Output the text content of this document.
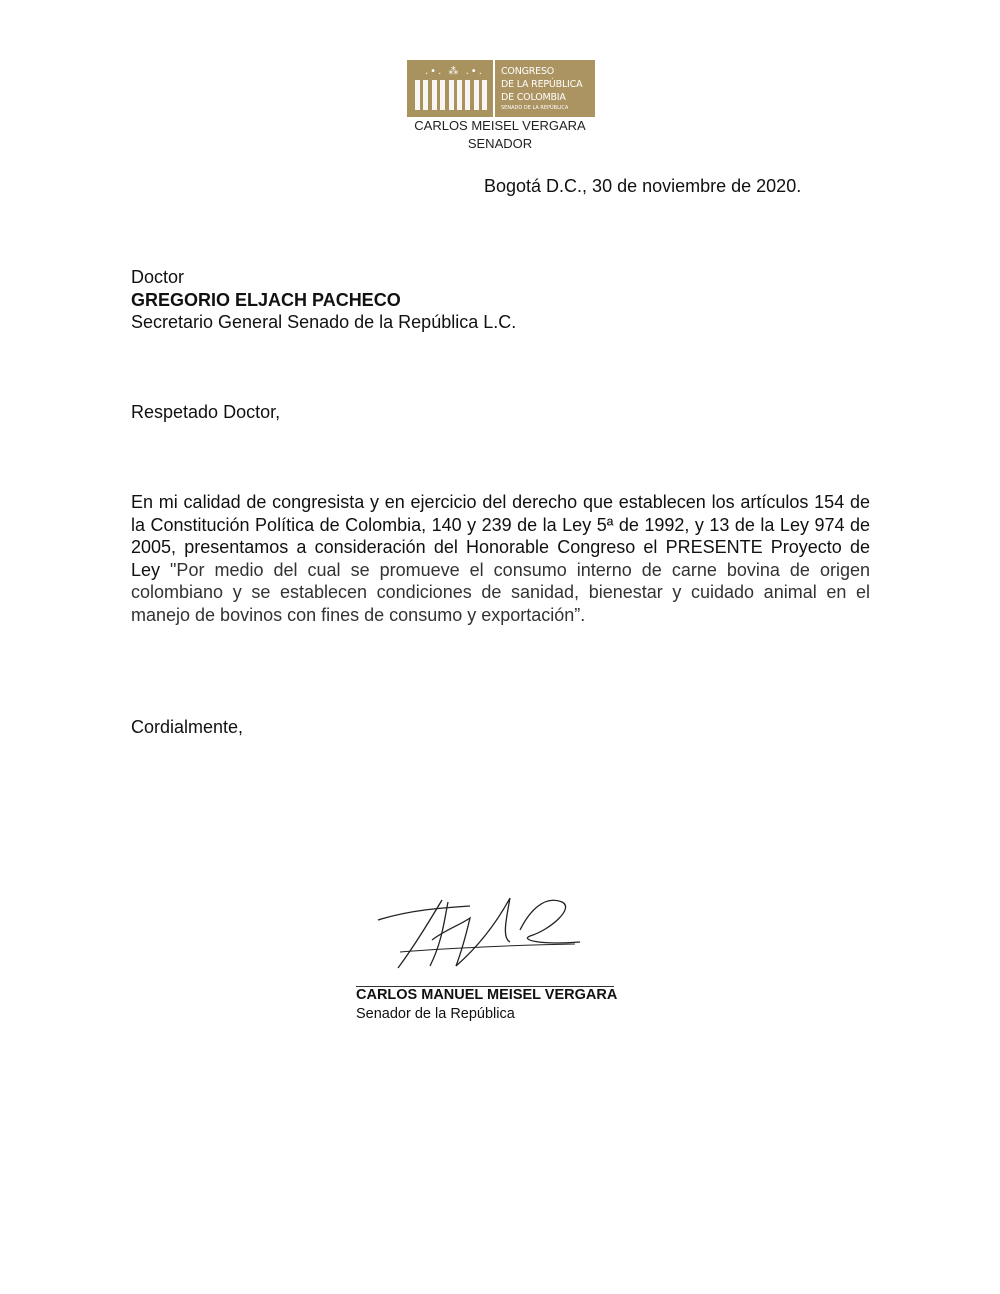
.•. ⁂ .•. CONGRESO
DE LA REPÚBLICA
DE COLOMBIA
SENADO DE LA REPÚBLICA
CARLOS MEISEL VERGARA
SENADOR
Bogotá D.C., 30 de noviembre de 2020.
Doctor
GREGORIO ELJACH PACHECO
Secretario General Senado de la República L.C.
Respetado Doctor,
En mi calidad de congresista y en ejercicio del derecho que establecen los artículos 154 de la Constitución Política de Colombia, 140 y 239 de la Ley 5ª de 1992, y 13 de la Ley 974 de 2005, presentamos a consideración del Honorable Congreso el PRESENTE Proyecto de Ley "Por medio del cual se promueve el consumo interno de carne bovina de origen colombiano y se establecen condiciones de sanidad, bienestar y cuidado animal en el manejo de bovinos con fines de consumo y exportación”.
Cordialmente,
CARLOS MANUEL MEISEL VERGARA
Senador de la República
